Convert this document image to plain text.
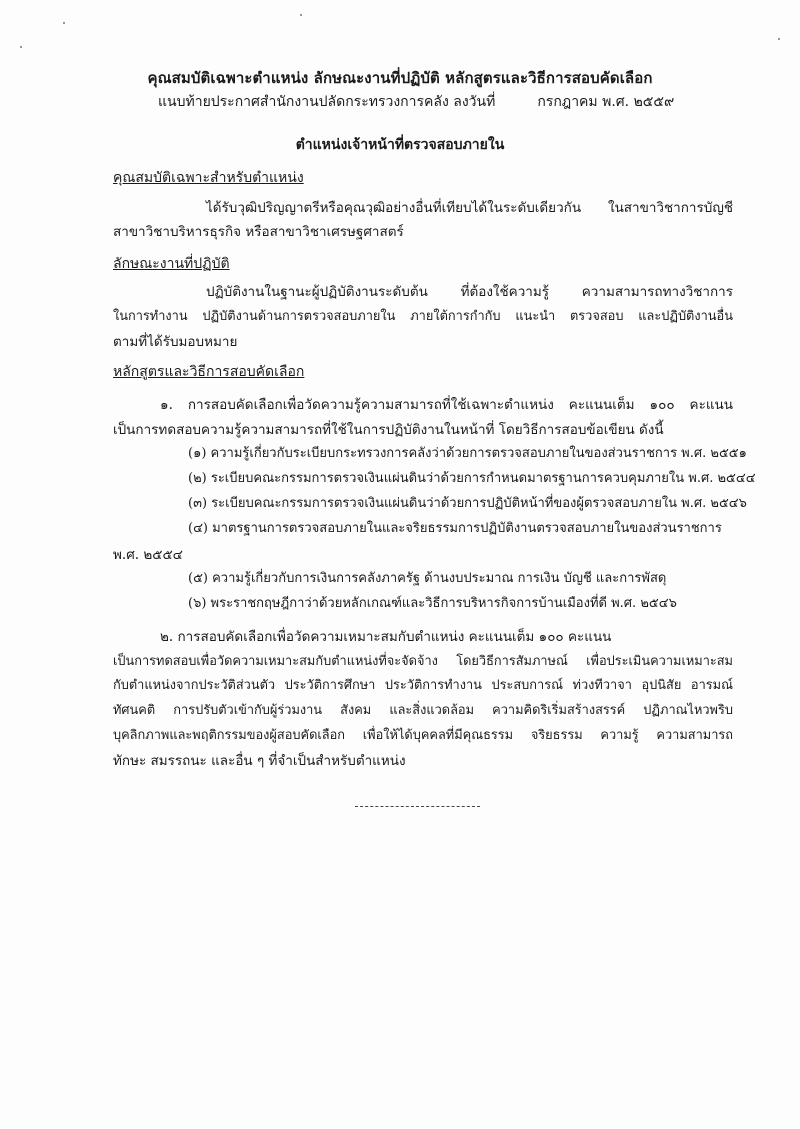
คุณสมบัติเฉพาะตำแหน่ง ลักษณะงานที่ปฏิบัติ หลักสูตรและวิธีการสอบคัดเลือก
แนบท้ายประกาศสำนักงานปลัดกระทรวงการคลัง ลงวันที่	กรกฎาคม พ.ศ. ๒๕๕๙
ตำแหน่งเจ้าหน้าที่ตรวจสอบภายใน
คุณสมบัติเฉพาะสำหรับตำแหน่ง
ได้รับวุฒิปริญญาตรีหรือคุณวุฒิอย่างอื่นที่เทียบได้ในระดับเดียวกัน ในสาขาวิชาการบัญชี
สาขาวิชาบริหารธุรกิจ หรือสาขาวิชาเศรษฐศาสตร์
ลักษณะงานที่ปฏิบัติ
ปฏิบัติงานในฐานะผู้ปฏิบัติงานระดับต้น ที่ต้องใช้ความรู้ ความสามารถทางวิชาการ
ในการทำงาน ปฏิบัติงานด้านการตรวจสอบภายใน ภายใต้การกำกับ แนะนำ ตรวจสอบ และปฏิบัติงานอื่น
ตามที่ได้รับมอบหมาย
หลักสูตรและวิธีการสอบคัดเลือก
๑. การสอบคัดเลือกเพื่อวัดความรู้ความสามารถที่ใช้เฉพาะตำแหน่ง คะแนนเต็ม ๑๐๐ คะแนน
เป็นการทดสอบความรู้ความสามารถที่ใช้ในการปฏิบัติงานในหน้าที่ โดยวิธีการสอบข้อเขียน ดังนี้
(๑) ความรู้เกี่ยวกับระเบียบกระทรวงการคลังว่าด้วยการตรวจสอบภายในของส่วนราชการ พ.ศ. ๒๕๕๑
(๒) ระเบียบคณะกรรมการตรวจเงินแผ่นดินว่าด้วยการกำหนดมาตรฐานการควบคุมภายใน พ.ศ. ๒๕๔๔
(๓) ระเบียบคณะกรรมการตรวจเงินแผ่นดินว่าด้วยการปฏิบัติหน้าที่ของผู้ตรวจสอบภายใน พ.ศ. ๒๕๔๖
(๔) มาตรฐานการตรวจสอบภายในและจริยธรรมการปฏิบัติงานตรวจสอบภายในของส่วนราชการ
พ.ศ. ๒๕๕๔
(๕) ความรู้เกี่ยวกับการเงินการคลังภาครัฐ ด้านงบประมาณ การเงิน บัญชี และการพัสดุ
(๖) พระราชกฤษฎีกาว่าด้วยหลักเกณฑ์และวิธีการบริหารกิจการบ้านเมืองที่ดี พ.ศ. ๒๕๔๖
๒. การสอบคัดเลือกเพื่อวัดความเหมาะสมกับตำแหน่ง คะแนนเต็ม ๑๐๐ คะแนน
เป็นการทดสอบเพื่อวัดความเหมาะสมกับตำแหน่งที่จะจัดจ้าง โดยวิธีการสัมภาษณ์ เพื่อประเมินความเหมาะสม
กับตำแหน่งจากประวัติส่วนตัว ประวัติการศึกษา ประวัติการทำงาน ประสบการณ์ ท่วงทีวาจา อุปนิสัย อารมณ์
ทัศนคติ การปรับตัวเข้ากับผู้ร่วมงาน สังคม และสิ่งแวดล้อม ความคิดริเริ่มสร้างสรรค์ ปฏิภาณไหวพริบ
บุคลิกภาพและพฤติกรรมของผู้สอบคัดเลือก เพื่อให้ได้บุคคลที่มีคุณธรรม จริยธรรม ความรู้ ความสามารถ
ทักษะ สมรรถนะ และอื่น ๆ ที่จำเป็นสำหรับตำแหน่ง
